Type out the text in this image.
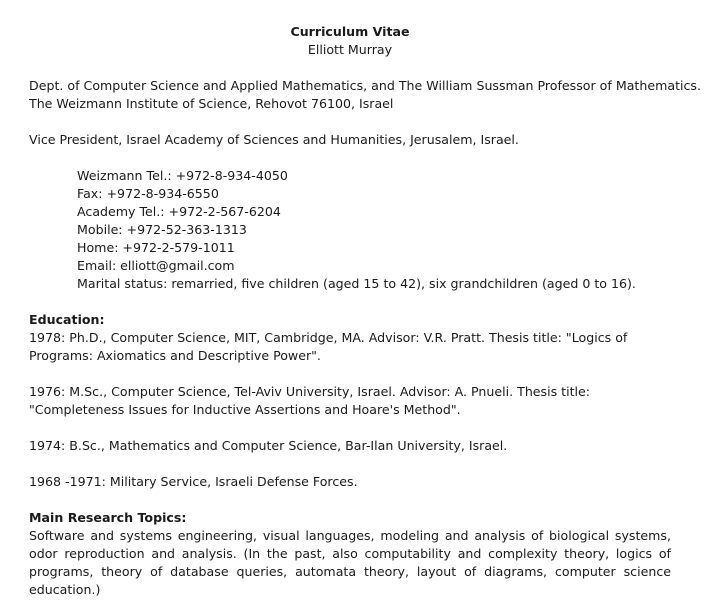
Curriculum Vitae
Elliott Murray
Dept. of Computer Science and Applied Mathematics, and The William Sussman Professor of Mathematics.
The Weizmann Institute of Science, Rehovot 76100, Israel
Vice President, Israel Academy of Sciences and Humanities, Jerusalem, Israel.
Weizmann Tel.: +972-8-934-4050
Fax: +972-8-934-6550
Academy Tel.: +972-2-567-6204
Mobile: +972-52-363-1313
Home: +972-2-579-1011
Email: elliott@gmail.com
Marital status: remarried, five children (aged 15 to 42), six grandchildren (aged 0 to 16).
Education:

1978: Ph.D., Computer Science, MIT, Cambridge, MA. Advisor: V.R. Pratt. Thesis title: "Logics of Programs: Axiomatics and Descriptive Power".

1976: M.Sc., Computer Science, Tel-Aviv University, Israel. Advisor: A. Pnueli. Thesis title: "Completeness Issues for Inductive Assertions and Hoare's Method".

1974: B.Sc., Mathematics and Computer Science, Bar-Ilan University, Israel.

1968 -1971: Military Service, Israeli Defense Forces.

Main Research Topics:

Software and systems engineering, visual languages, modeling and analysis of biological systems, odor reproduction and analysis. (In the past, also computability and complexity theory, logics of programs, theory of database queries, automata theory, layout of diagrams, computer science education.)
